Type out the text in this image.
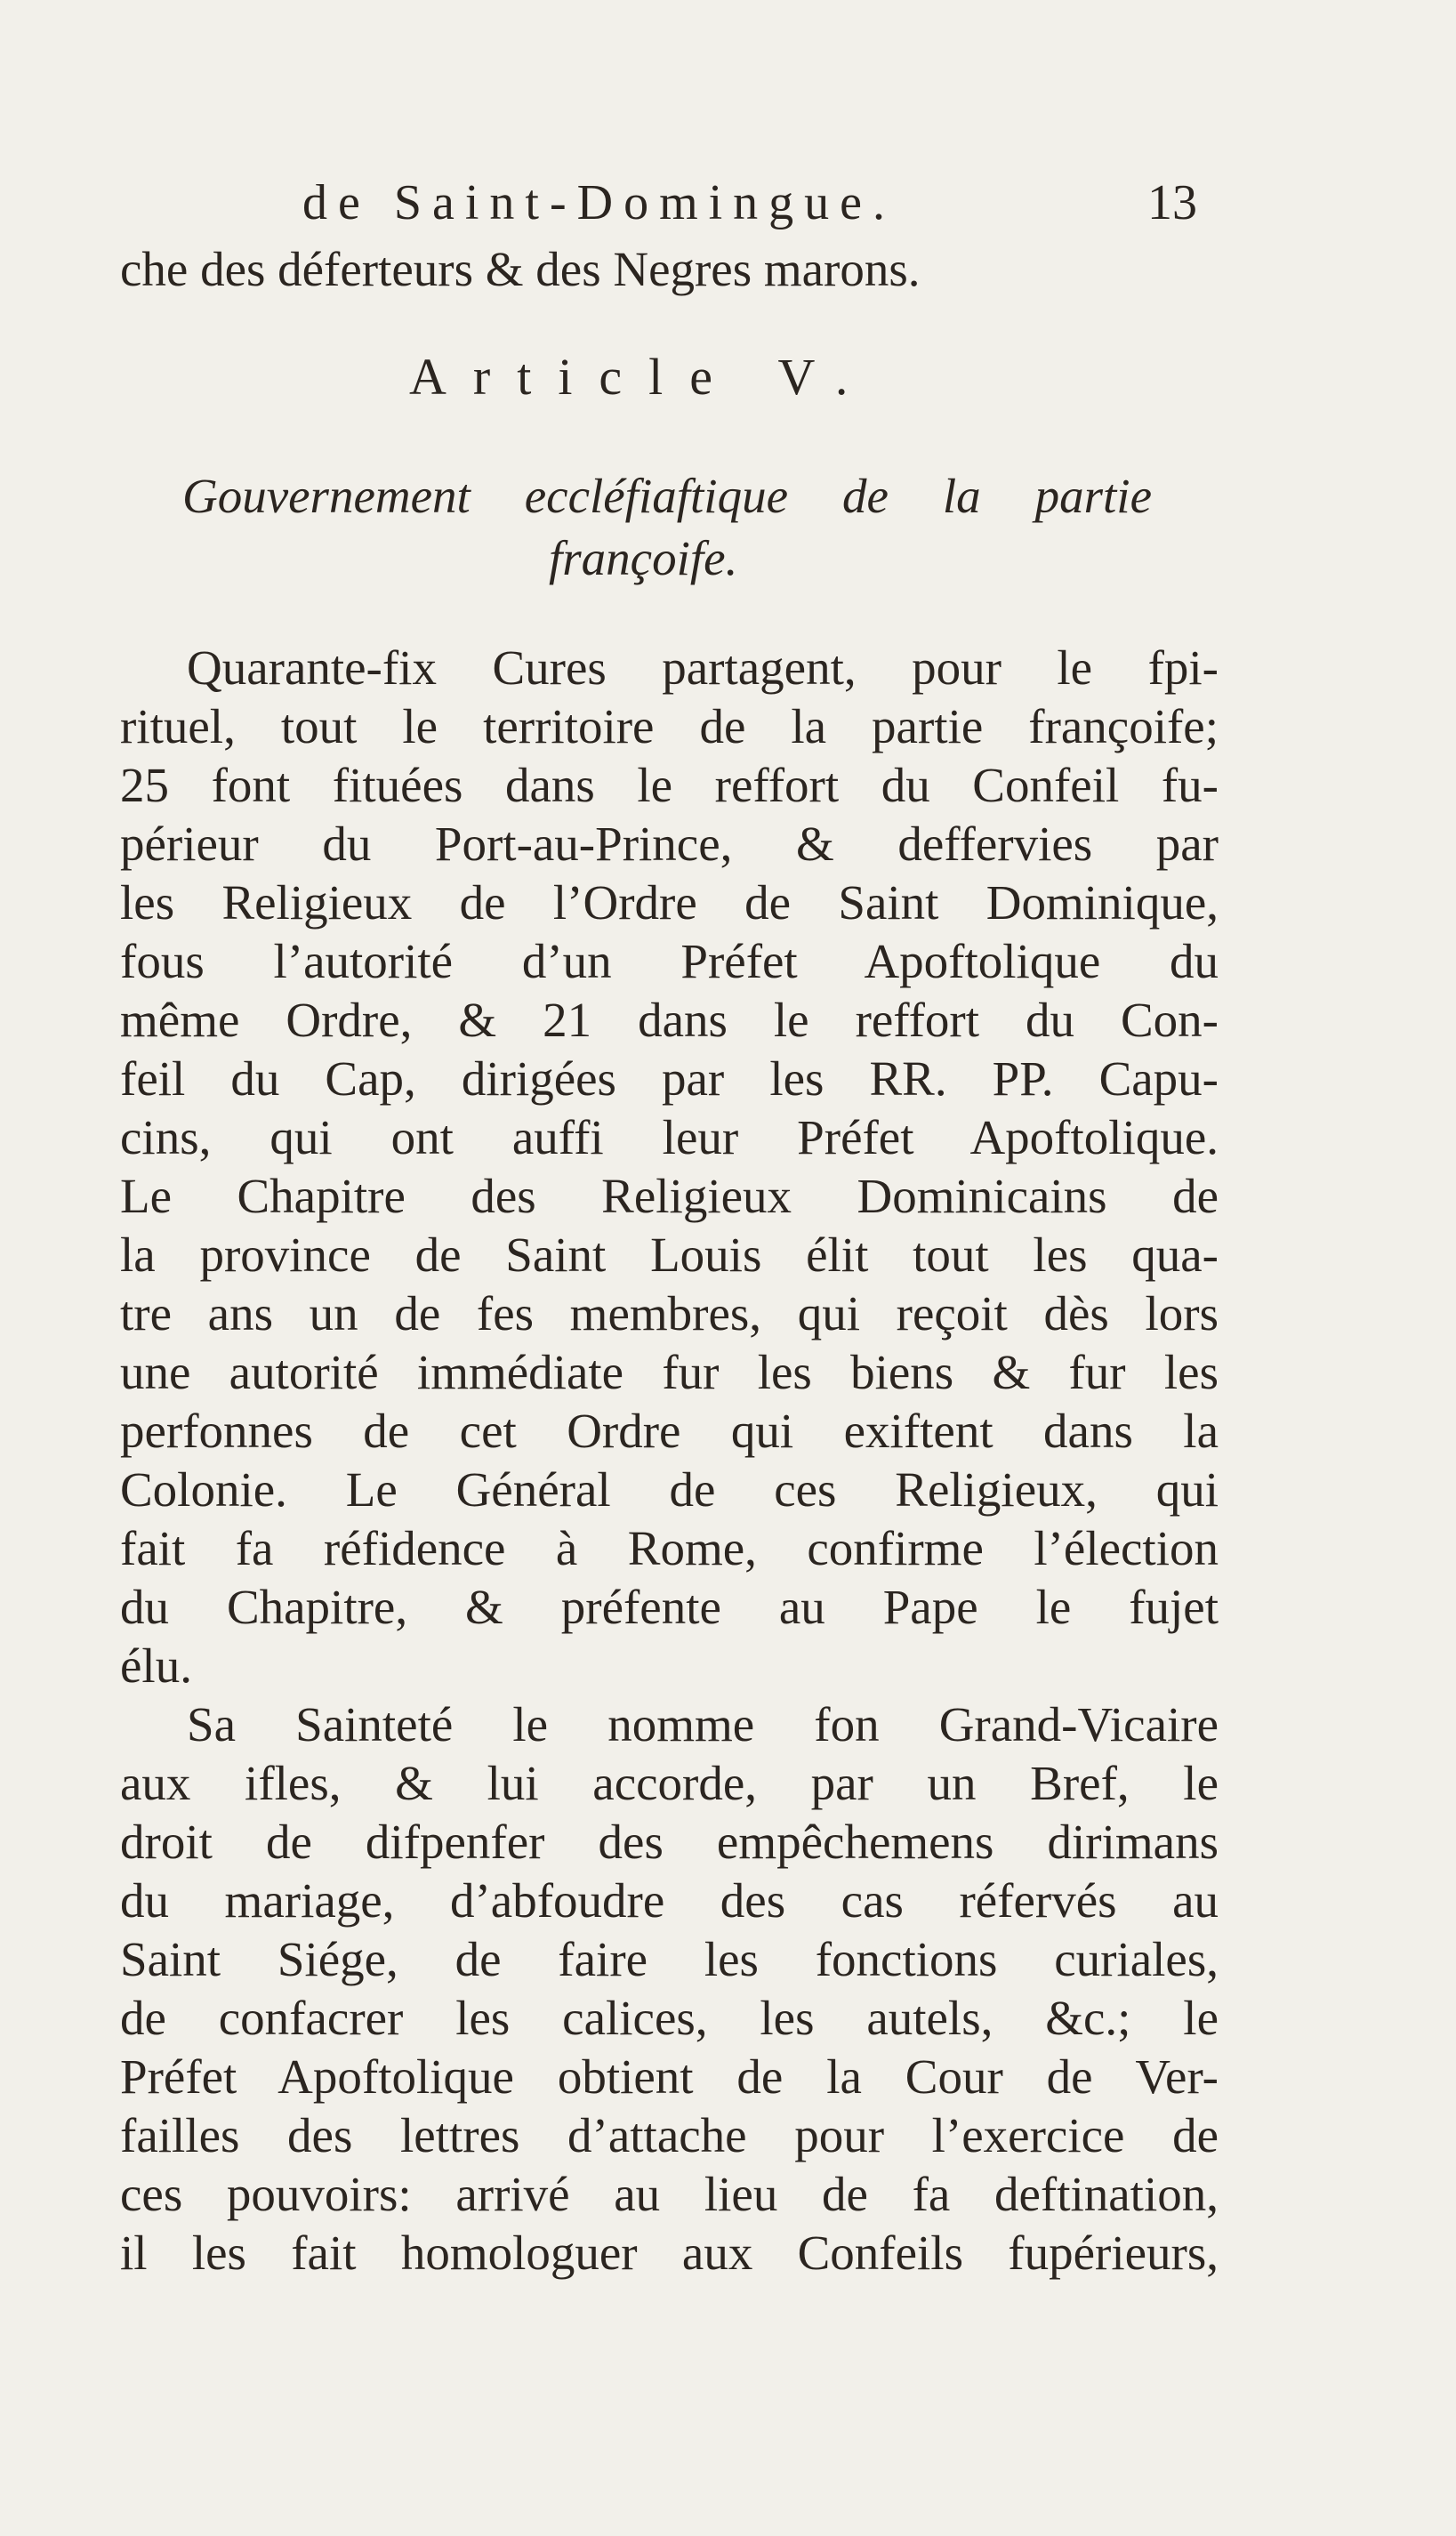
de Saint-Domingue.	13
che des déferteurs & des Negres marons.
Article V.
Gouvernement eccléfiaftique de la partie
françoife.
Quarante-fix Cures partagent, pour le fpi-
rituel, tout le territoire de la partie françoife;
25 font fituées dans le reffort du Confeil fu-
périeur du Port-au-Prince, & deffervies par
les Religieux de l’Ordre de Saint Dominique,
fous l’autorité d’un Préfet Apoftolique du
même Ordre, & 21 dans le reffort du Con-
feil du Cap, dirigées par les RR. PP. Capu-
cins, qui ont auffi leur Préfet Apoftolique.
Le Chapitre des Religieux Dominicains de
la province de Saint Louis élit tout les qua-
tre ans un de fes membres, qui reçoit dès lors
une autorité immédiate fur les biens & fur les
perfonnes de cet Ordre qui exiftent dans la
Colonie. Le Général de ces Religieux, qui
fait fa réfidence à Rome, confirme l’élection
du Chapitre, & préfente au Pape le fujet
élu.
Sa Sainteté le nomme fon Grand-Vicaire
aux ifles, & lui accorde, par un Bref, le
droit de difpenfer des empêchemens dirimans
du mariage, d’abfoudre des cas réfervés au
Saint Siége, de faire les fonctions curiales,
de confacrer les calices, les autels, &c.; le
Préfet Apoftolique obtient de la Cour de Ver-
failles des lettres d’attache pour l’exercice de
ces pouvoirs: arrivé au lieu de fa deftination,
il les fait homologuer aux Confeils fupérieurs,
